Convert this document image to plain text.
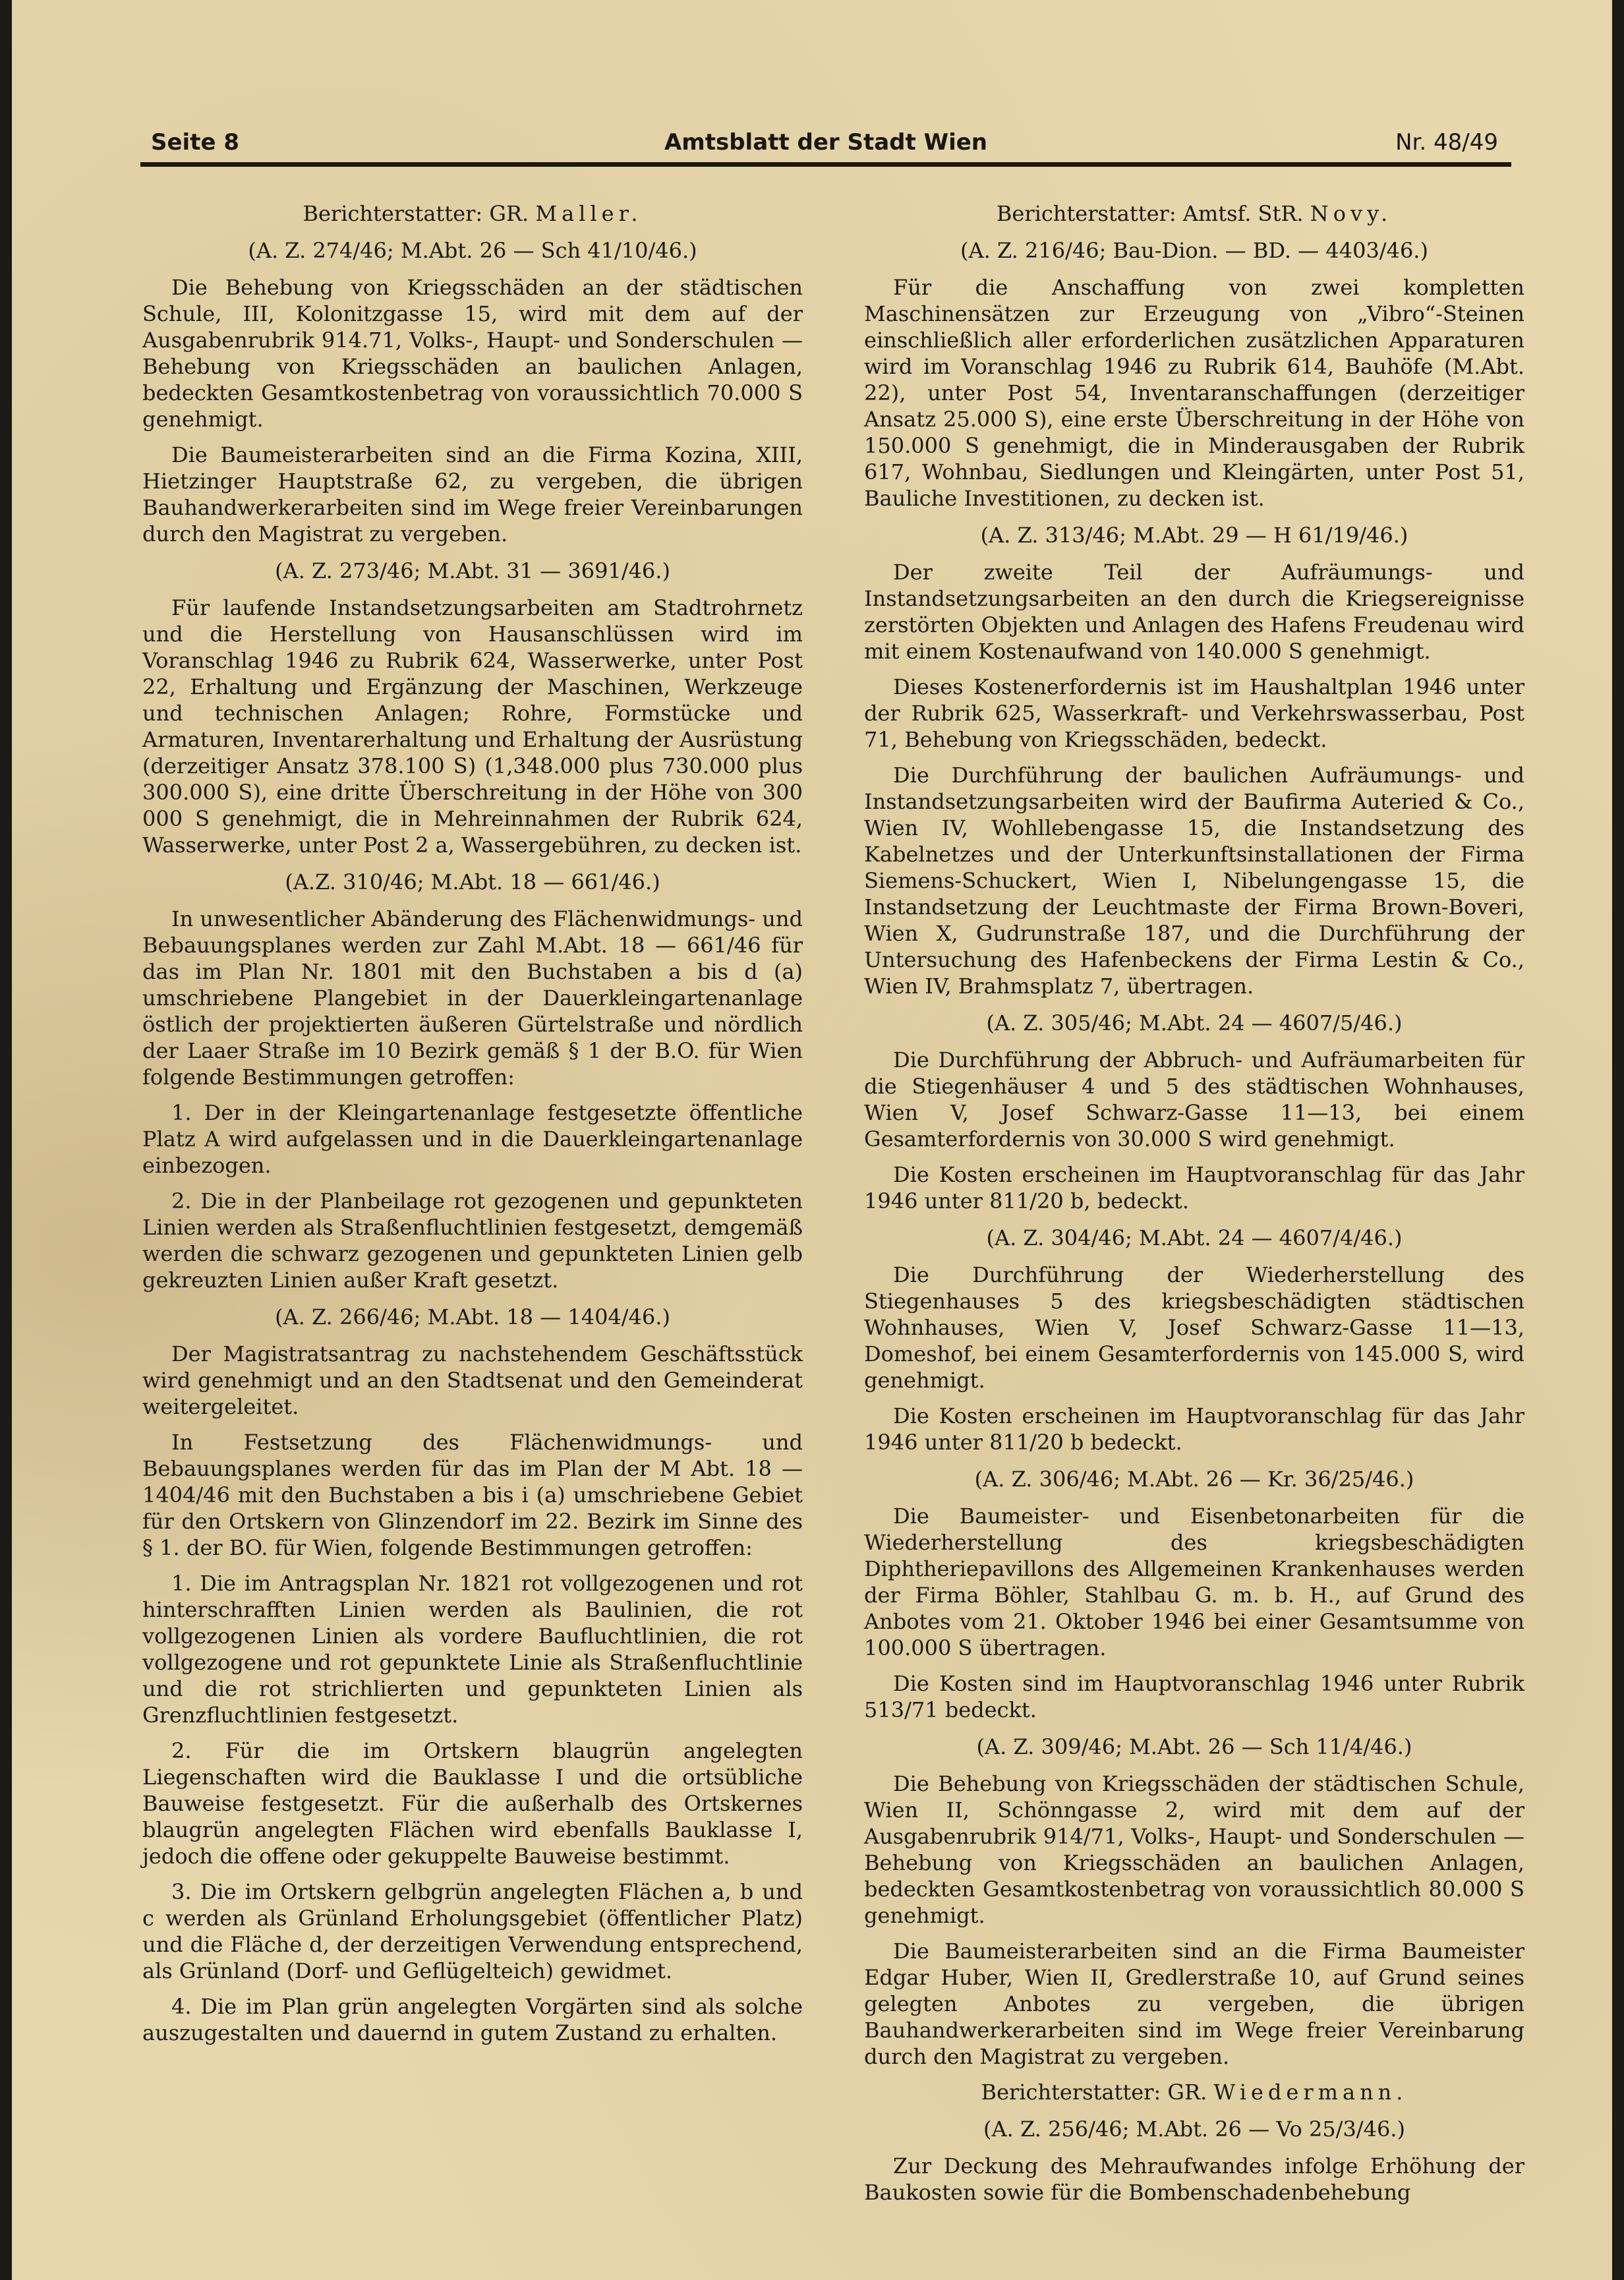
Seite 8	Amtsblatt der Stadt Wien	Nr. 48/49

Berichterstatter: GR. Maller.

(A. Z. 274/46; M.Abt. 26 — Sch 41/10/46.)

Die Behebung von Kriegsschäden an der städtischen Schule, III, Kolonitzgasse 15, wird mit dem auf der Ausgabenrubrik 914.71, Volks-, Haupt- und Sonderschulen — Behebung von Kriegsschäden an baulichen Anlagen, bedeckten Gesamtkostenbetrag von voraussichtlich 70.000 S genehmigt.

Die Baumeisterarbeiten sind an die Firma Kozina, XIII, Hietzinger Hauptstraße 62, zu vergeben, die übrigen Bauhandwerkerarbeiten sind im Wege freier Vereinbarungen durch den Magistrat zu vergeben.

(A. Z. 273/46; M.Abt. 31 — 3691/46.)

Für laufende Instandsetzungsarbeiten am Stadtrohrnetz und die Herstellung von Hausanschlüssen wird im Voranschlag 1946 zu Rubrik 624, Wasserwerke, unter Post 22, Erhaltung und Ergänzung der Maschinen, Werkzeuge und technischen Anlagen; Rohre, Formstücke und Armaturen, Inventarerhaltung und Erhaltung der Ausrüstung (derzeitiger Ansatz 378.100 S) (1,348.000 plus 730.000 plus 300.000 S), eine dritte Überschreitung in der Höhe von 300 000 S genehmigt, die in Mehreinnahmen der Rubrik 624, Wasserwerke, unter Post 2 a, Wassergebühren, zu decken ist.

(A.Z. 310/46; M.Abt. 18 — 661/46.)

In unwesentlicher Abänderung des Flächenwidmungs- und Bebauungsplanes werden zur Zahl M.Abt. 18 — 661/46 für das im Plan Nr. 1801 mit den Buchstaben a bis d (a) umschriebene Plangebiet in der Dauerkleingartenanlage östlich der projektierten äußeren Gürtelstraße und nördlich der Laaer Straße im 10 Bezirk gemäß § 1 der B.O. für Wien folgende Bestimmungen getroffen:

1. Der in der Kleingartenanlage festgesetzte öffentliche Platz A wird aufgelassen und in die Dauerkleingartenanlage einbezogen.

2. Die in der Planbeilage rot gezogenen und gepunkteten Linien werden als Straßenfluchtlinien festgesetzt, demgemäß werden die schwarz gezogenen und gepunkteten Linien gelb gekreuzten Linien außer Kraft gesetzt.

(A. Z. 266/46; M.Abt. 18 — 1404/46.)

Der Magistratsantrag zu nachstehendem Geschäftsstück wird genehmigt und an den Stadtsenat und den Gemeinderat weitergeleitet.

In Festsetzung des Flächenwidmungs- und Bebauungsplanes werden für das im Plan der M Abt. 18 — 1404/46 mit den Buchstaben a bis i (a) umschriebene Gebiet für den Ortskern von Glinzendorf im 22. Bezirk im Sinne des § 1. der BO. für Wien, folgende Bestimmungen getroffen:

1. Die im Antragsplan Nr. 1821 rot vollgezogenen und rot hinterschrafften Linien werden als Baulinien, die rot vollgezogenen Linien als vordere Baufluchtlinien, die rot vollgezogene und rot gepunktete Linie als Straßenfluchtlinie und die rot strichlierten und gepunkteten Linien als Grenzfluchtlinien festgesetzt.

2. Für die im Ortskern blaugrün angelegten Liegenschaften wird die Bauklasse I und die ortsübliche Bauweise festgesetzt. Für die außerhalb des Ortskernes blaugrün angelegten Flächen wird ebenfalls Bauklasse I, jedoch die offene oder gekuppelte Bauweise bestimmt.

3. Die im Ortskern gelbgrün angelegten Flächen a, b und c werden als Grünland Erholungsgebiet (öffentlicher Platz) und die Fläche d, der derzeitigen Verwendung entsprechend, als Grünland (Dorf- und Geflügelteich) gewidmet.

4. Die im Plan grün angelegten Vorgärten sind als solche auszugestalten und dauernd in gutem Zustand zu erhalten.

Berichterstatter: Amtsf. StR. Novy.

(A. Z. 216/46; Bau-Dion. — BD. — 4403/46.)

Für die Anschaffung von zwei kompletten Maschinensätzen zur Erzeugung von „Vibro“-Steinen einschließlich aller erforderlichen zusätzlichen Apparaturen wird im Voranschlag 1946 zu Rubrik 614, Bauhöfe (M.Abt. 22), unter Post 54, Inventaranschaffungen (derzeitiger Ansatz 25.000 S), eine erste Überschreitung in der Höhe von 150.000 S genehmigt, die in Minderausgaben der Rubrik 617, Wohnbau, Siedlungen und Kleingärten, unter Post 51, Bauliche Investitionen, zu decken ist.

(A. Z. 313/46; M.Abt. 29 — H 61/19/46.)

Der zweite Teil der Aufräumungs- und Instandsetzungsarbeiten an den durch die Kriegsereignisse zerstörten Objekten und Anlagen des Hafens Freudenau wird mit einem Kostenaufwand von 140.000 S genehmigt.

Dieses Kostenerfordernis ist im Haushaltplan 1946 unter der Rubrik 625, Wasserkraft- und Verkehrswasserbau, Post 71, Behebung von Kriegsschäden, bedeckt.

Die Durchführung der baulichen Aufräumungs- und Instandsetzungsarbeiten wird der Baufirma Auteried & Co., Wien IV, Wohllebengasse 15, die Instandsetzung des Kabelnetzes und der Unterkunftsinstallationen der Firma Siemens-Schuckert, Wien I, Nibelungengasse 15, die Instandsetzung der Leuchtmaste der Firma Brown-Boveri, Wien X, Gudrunstraße 187, und die Durchführung der Untersuchung des Hafenbeckens der Firma Lestin & Co., Wien IV, Brahmsplatz 7, übertragen.

(A. Z. 305/46; M.Abt. 24 — 4607/5/46.)

Die Durchführung der Abbruch- und Aufräumarbeiten für die Stiegenhäuser 4 und 5 des städtischen Wohnhauses, Wien V, Josef Schwarz-Gasse 11—13, bei einem Gesamterfordernis von 30.000 S wird genehmigt.

Die Kosten erscheinen im Hauptvoranschlag für das Jahr 1946 unter 811/20 b, bedeckt.

(A. Z. 304/46; M.Abt. 24 — 4607/4/46.)

Die Durchführung der Wiederherstellung des Stiegenhauses 5 des kriegsbeschädigten städtischen Wohnhauses, Wien V, Josef Schwarz-Gasse 11—13, Domeshof, bei einem Gesamterfordernis von 145.000 S, wird genehmigt.

Die Kosten erscheinen im Hauptvoranschlag für das Jahr 1946 unter 811/20 b bedeckt.

(A. Z. 306/46; M.Abt. 26 — Kr. 36/25/46.)

Die Baumeister- und Eisenbetonarbeiten für die Wiederherstellung des kriegsbeschädigten Diphtheriepavillons des Allgemeinen Krankenhauses werden der Firma Böhler, Stahlbau G. m. b. H., auf Grund des Anbotes vom 21. Oktober 1946 bei einer Gesamtsumme von 100.000 S übertragen.

Die Kosten sind im Hauptvoranschlag 1946 unter Rubrik 513/71 bedeckt.

(A. Z. 309/46; M.Abt. 26 — Sch 11/4/46.)

Die Behebung von Kriegsschäden der städtischen Schule, Wien II, Schönngasse 2, wird mit dem auf der Ausgabenrubrik 914/71, Volks-, Haupt- und Sonderschulen — Behebung von Kriegsschäden an baulichen Anlagen, bedeckten Gesamtkostenbetrag von voraussichtlich 80.000 S genehmigt.

Die Baumeisterarbeiten sind an die Firma Baumeister Edgar Huber, Wien II, Gredlerstraße 10, auf Grund seines gelegten Anbotes zu vergeben, die übrigen Bauhandwerkerarbeiten sind im Wege freier Vereinbarung durch den Magistrat zu vergeben.

Berichterstatter: GR. Wiedermann.

(A. Z. 256/46; M.Abt. 26 — Vo 25/3/46.)

Zur Deckung des Mehraufwandes infolge Erhöhung der Baukosten sowie für die Bombenschadenbehebung
